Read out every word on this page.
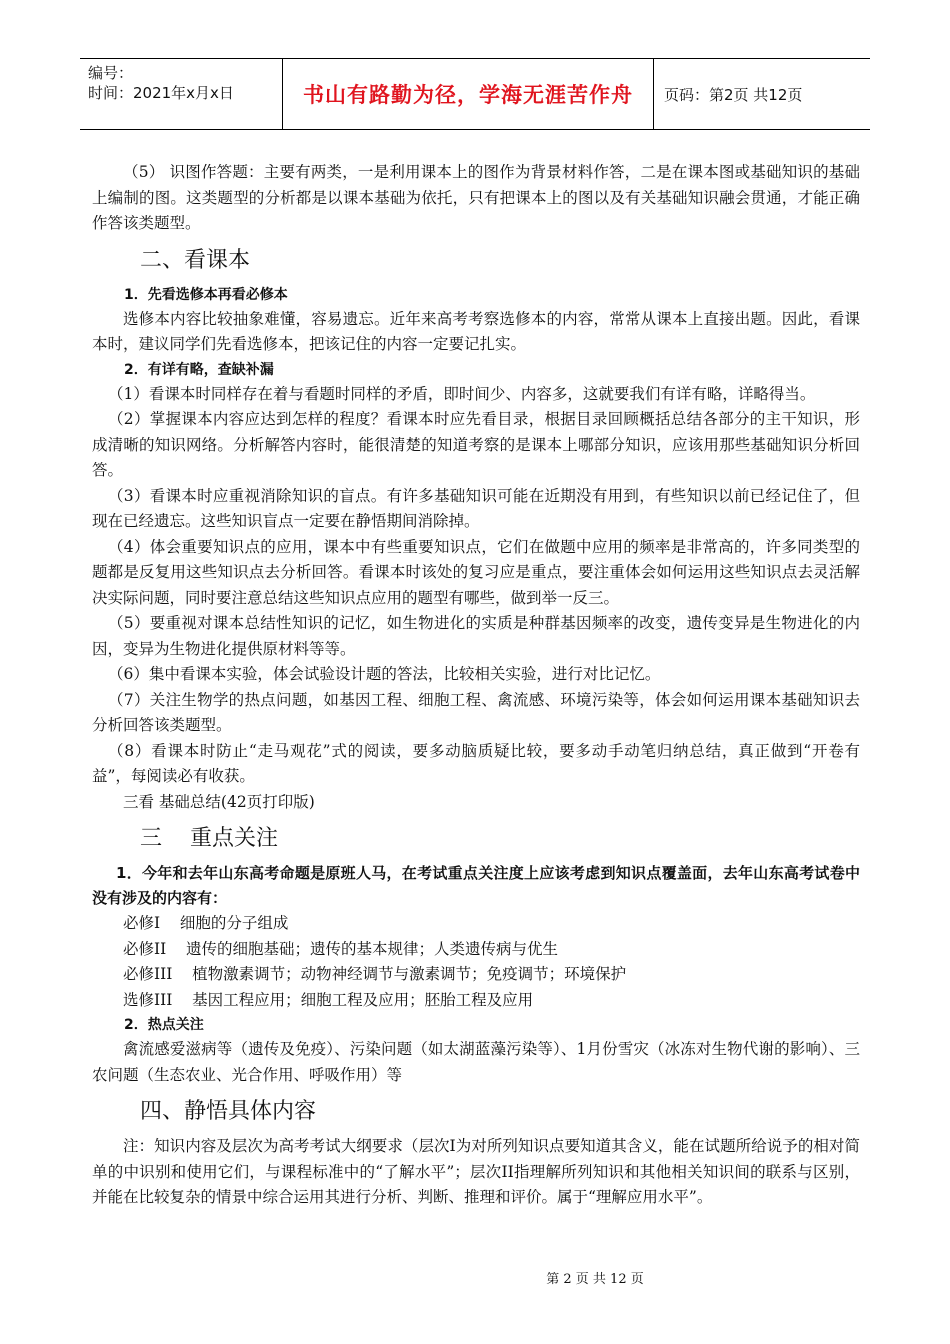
编号：
时间：2021年x月x日	书山有路勤为径，学海无涯苦作舟	页码：第2页 共12页

（5） 识图作答题：主要有两类，一是利用课本上的图作为背景材料作答，二是在课本图或基础知识的基础上编制的图。这类题型的分析都是以课本基础为依托，只有把课本上的图以及有关基础知识融会贯通，才能正确作答该类题型。

二、看课本
1．先看选修本再看必修本

选修本内容比较抽象难懂，容易遗忘。近年来高考考察选修本的内容，常常从课本上直接出题。因此，看课本时，建议同学们先看选修本，把该记住的内容一定要记扎实。

2．有详有略，查缺补漏

（1）看课本时同样存在着与看题时同样的矛盾，即时间少、内容多，这就要我们有详有略，详略得当。

（2）掌握课本内容应达到怎样的程度？看课本时应先看目录，根据目录回顾概括总结各部分的主干知识，形成清晰的知识网络。分析解答内容时，能很清楚的知道考察的是课本上哪部分知识，应该用那些基础知识分析回答。

（3）看课本时应重视消除知识的盲点。有许多基础知识可能在近期没有用到，有些知识以前已经记住了，但现在已经遗忘。这些知识盲点一定要在静悟期间消除掉。

（4）体会重要知识点的应用，课本中有些重要知识点，它们在做题中应用的频率是非常高的，许多同类型的题都是反复用这些知识点去分析回答。看课本时该处的复习应是重点，要注重体会如何运用这些知识点去灵活解决实际问题，同时要注意总结这些知识点应用的题型有哪些，做到举一反三。

（5）要重视对课本总结性知识的记忆，如生物进化的实质是种群基因频率的改变，遗传变异是生物进化的内因，变异为生物进化提供原材料等等。

（6）集中看课本实验，体会试验设计题的答法，比较相关实验，进行对比记忆。

（7）关注生物学的热点问题，如基因工程、细胞工程、禽流感、环境污染等，体会如何运用课本基础知识去分析回答该类题型。

（8）看课本时防止“走马观花”式的阅读，要多动脑质疑比较，要多动手动笔归纳总结，真正做到“开卷有益”，每阅读必有收获。

三看 基础总结(42页打印版)

三    重点关注

1．今年和去年山东高考命题是原班人马，在考试重点关注度上应该考虑到知识点覆盖面，去年山东高考试卷中没有涉及的内容有：

必修I    细胞的分子组成

必修II    遗传的细胞基础；遗传的基本规律；人类遗传病与优生

必修III    植物激素调节；动物神经调节与激素调节；免疫调节；环境保护

选修III    基因工程应用；细胞工程及应用；胚胎工程及应用

2．热点关注

禽流感爱滋病等（遗传及免疫）、污染问题（如太湖蓝藻污染等）、1月份雪灾（冰冻对生物代谢的影响）、三农问题（生态农业、光合作用、呼吸作用）等

四、静悟具体内容

注：知识内容及层次为高考考试大纲要求（层次Ⅰ为对所列知识点要知道其含义，能在试题所给说予的相对简单的中识别和使用它们，与课程标准中的“了解水平”；层次II指理解所列知识和其他相关知识间的联系与区别，并能在比较复杂的情景中综合运用其进行分析、判断、推理和评价。属于“理解应用水平”。

第 2 页 共 12 页
